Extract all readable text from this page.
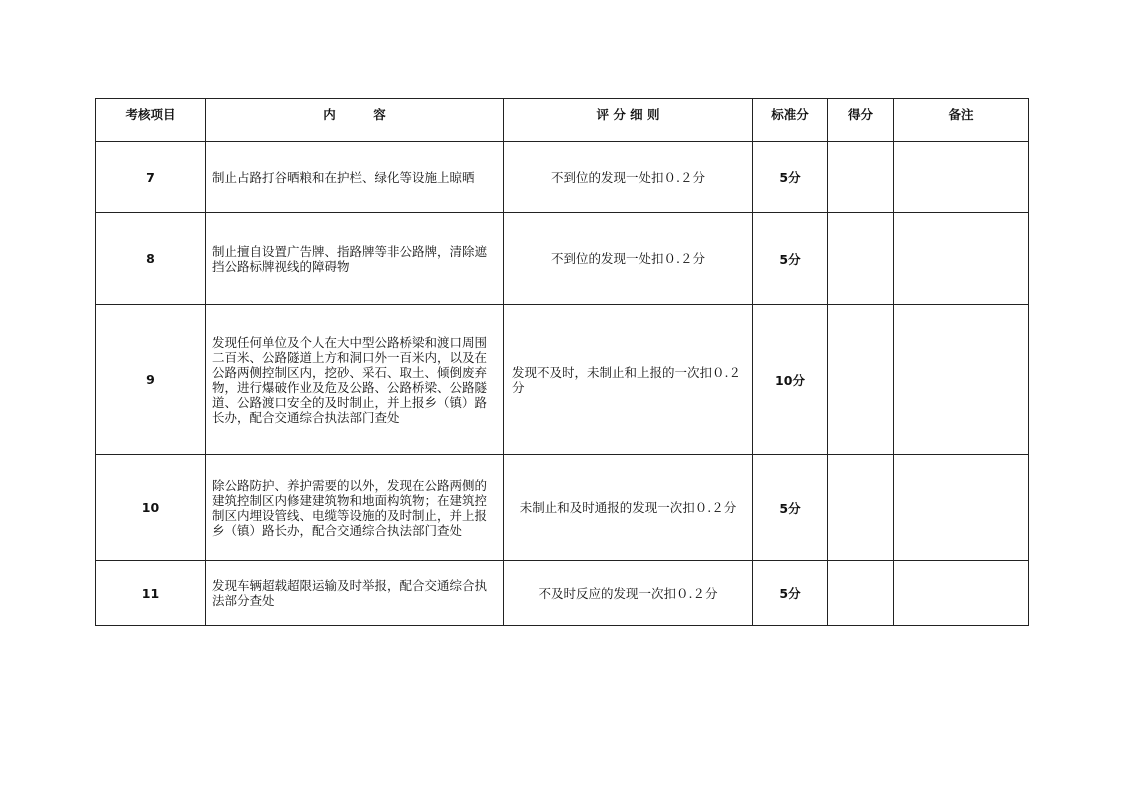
考核项目	内　　　容	评 分 细 则	标准分	得分	备注
7	制止占路打谷晒粮和在护栏、绿化等设施上晾晒	不到位的发现一处扣０.２分	5分		
8	制止擅自设置广告牌、指路牌等非公路牌，清除遮挡公路标牌视线的障碍物	不到位的发现一处扣０.２分	5分		
9	发现任何单位及个人在大中型公路桥梁和渡口周围二百米、公路隧道上方和洞口外一百米内，以及在公路两侧控制区内，挖砂、采石、取土、倾倒废弃物，进行爆破作业及危及公路、公路桥梁、公路隧道、公路渡口安全的及时制止，并上报乡（镇）路长办，配合交通综合执法部门查处	发现不及时，未制止和上报的一次扣０.２分	10分		
10	除公路防护、养护需要的以外，发现在公路两侧的建筑控制区内修建建筑物和地面构筑物；在建筑控制区内埋设管线、电缆等设施的及时制止，并上报乡（镇）路长办，配合交通综合执法部门查处	未制止和及时通报的发现一次扣０.２分	5分		
11	发现车辆超载超限运输及时举报，配合交通综合执法部分查处	不及时反应的发现一次扣０.２分	5分		
